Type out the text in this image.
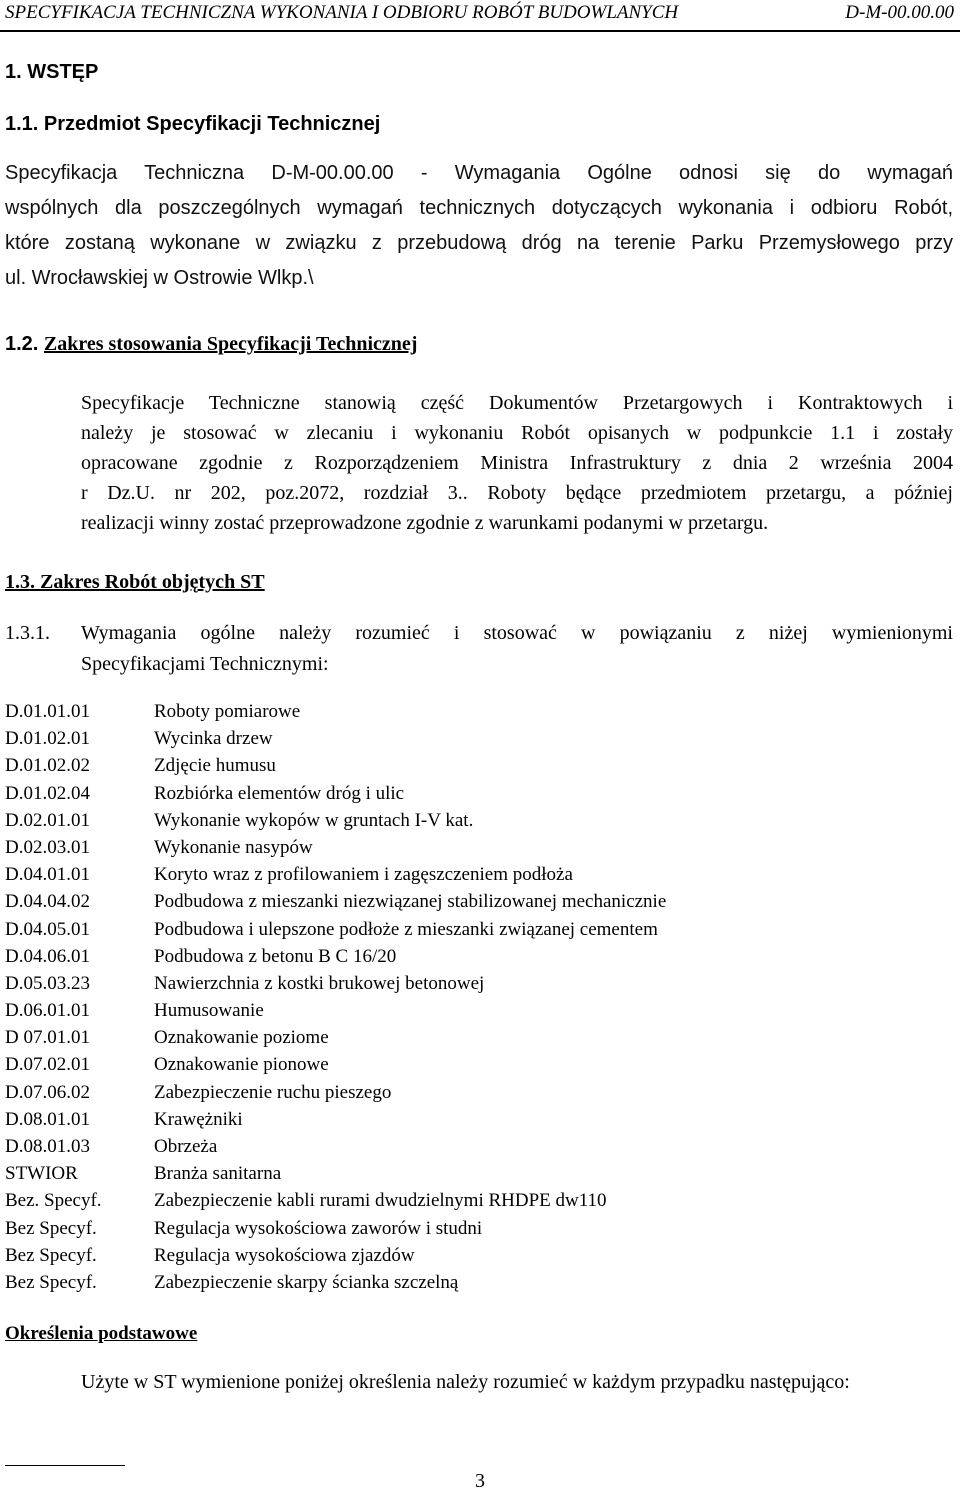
SPECYFIKACJA TECHNICZNA WYKONANIA I ODBIORU ROBÓT BUDOWLANYCH	D-M-00.00.00
1. WSTĘP
1.1. Przedmiot Specyfikacji Technicznej
Specyfikacja Techniczna D-M-00.00.00 - Wymagania Ogólne odnosi się do wymagań
wspólnych dla poszczególnych wymagań technicznych dotyczących wykonania i odbioru Robót,
które zostaną wykonane w związku z przebudową dróg na terenie Parku Przemysłowego przy
ul. Wrocławskiej w Ostrowie Wlkp.\
1.2. Zakres stosowania Specyfikacji Technicznej
Specyfikacje Techniczne stanowią część Dokumentów Przetargowych i Kontraktowych i
należy je stosować w zlecaniu i wykonaniu Robót opisanych w podpunkcie 1.1 i zostały
opracowane zgodnie z Rozporządzeniem Ministra Infrastruktury z dnia 2 września 2004
r Dz.U. nr 202, poz.2072, rozdział 3.. Roboty będące przedmiotem przetargu, a później
realizacji winny zostać przeprowadzone zgodnie z warunkami podanymi w przetargu.
1.3. Zakres Robót objętych ST
1.3.1. Wymagania ogólne należy rozumieć i stosować w powiązaniu z niżej wymienionymi
Specyfikacjami Technicznymi:
D.01.01.01	Roboty pomiarowe
D.01.02.01	Wycinka drzew
D.01.02.02	Zdjęcie humusu
D.01.02.04	Rozbiórka elementów dróg i ulic
D.02.01.01	Wykonanie wykopów w gruntach I-V kat.
D.02.03.01	Wykonanie nasypów
D.04.01.01	Koryto wraz z profilowaniem i zagęszczeniem podłoża
D.04.04.02	Podbudowa z mieszanki niezwiązanej stabilizowanej mechanicznie
D.04.05.01	Podbudowa i ulepszone podłoże z mieszanki związanej cementem
D.04.06.01	Podbudowa z betonu B C 16/20
D.05.03.23	Nawierzchnia z kostki brukowej betonowej
D.06.01.01	Humusowanie
D 07.01.01	Oznakowanie poziome
D.07.02.01	Oznakowanie pionowe
D.07.06.02	Zabezpieczenie ruchu pieszego
D.08.01.01	Krawężniki
D.08.01.03	Obrzeża
STWIOR	Branża sanitarna
Bez. Specyf.	Zabezpieczenie kabli rurami dwudzielnymi RHDPE dw110
Bez Specyf.	Regulacja wysokościowa zaworów i studni
Bez Specyf.	Regulacja wysokościowa zjazdów
Bez Specyf.	Zabezpieczenie skarpy ścianka szczelną
Określenia podstawowe
Użyte w ST wymienione poniżej określenia należy rozumieć w każdym przypadku następująco:
3
